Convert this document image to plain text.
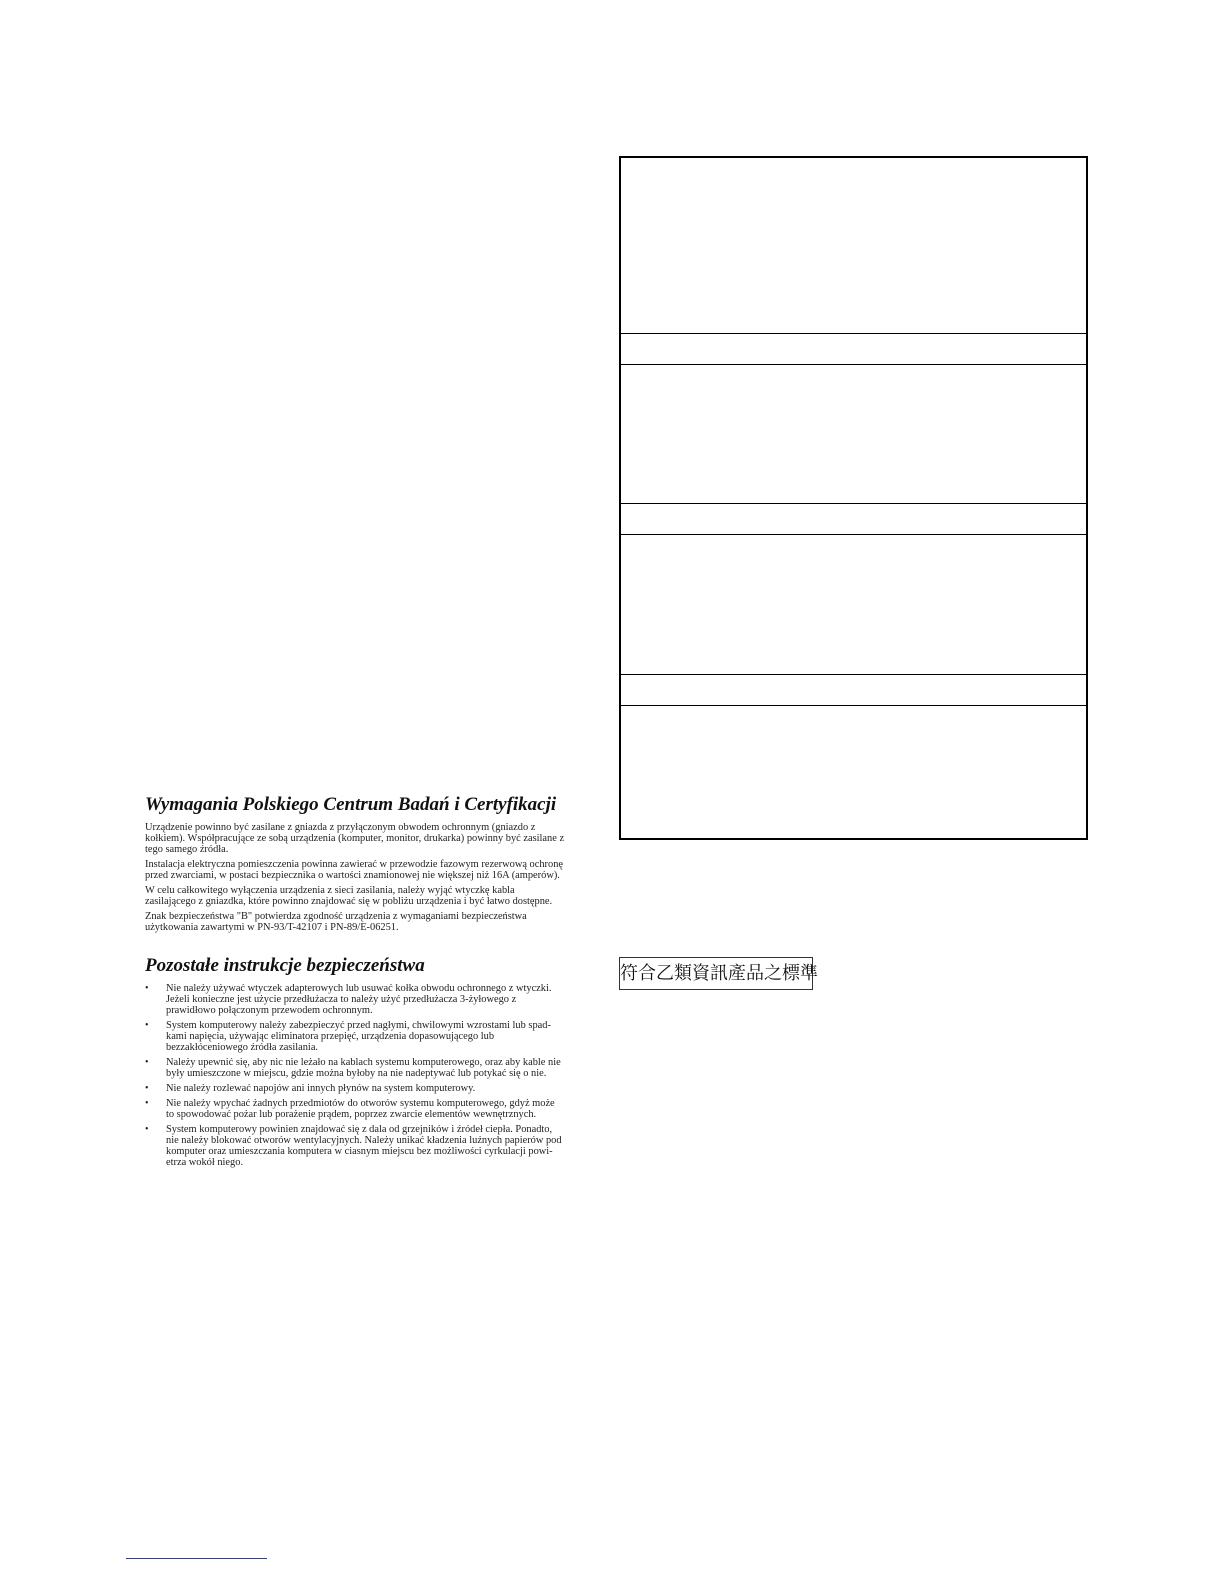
符合乙類資訊產品之標準
Wymagania Polskiego Centrum Badań i Certyfikacji

Urządzenie powinno być zasilane z gniazda z przyłączonym obwodem ochronnym (gniazdo z kołkiem). Współpracujące ze sobą urządzenia (komputer, monitor, drukarka) powinny być zasilane z tego samego źródła.

Instalacja elektryczna pomieszczenia powinna zawierać w przewodzie fazowym rezerwową ochronę przed zwarciami, w postaci bezpiecznika o wartości znamionowej nie większej niż 16A (amperów).

W celu całkowitego wyłączenia urządzenia z sieci zasilania, należy wyjąć wtyczkę kabla zasilającego z gniazdka, które powinno znajdować się w pobliżu urządzenia i być łatwo dostępne.

Znak bezpieczeństwa "B" potwierdza zgodność urządzenia z wymaganiami bezpieczeństwa użytkowania zawartymi w PN-93/T-42107 i PN-89/E-06251.

Pozostałe instrukcje bezpieczeństwa
• Nie należy używać wtyczek adapterowych lub usuwać kołka obwodu ochronnego z wtyczki. Jeżeli konieczne jest użycie przedłużacza to należy użyć przedłużacza 3-żyłowego z prawidłowo połączonym przewodem ochronnym.
• System komputerowy należy zabezpieczyć przed nagłymi, chwilowymi wzrostami lub spad-kami napięcia, używając eliminatora przepięć, urządzenia dopasowującego lub bezzakłóceniowego źródła zasilania.
• Należy upewnić się, aby nic nie leżało na kablach systemu komputerowego, oraz aby kable nie były umieszczone w miejscu, gdzie można byłoby na nie nadeptywać lub potykać się o nie.
• Nie należy rozlewać napojów ani innych płynów na system komputerowy.
• Nie należy wpychać żadnych przedmiotów do otworów systemu komputerowego, gdyż może to spowodować pożar lub porażenie prądem, poprzez zwarcie elementów wewnętrznych.
• System komputerowy powinien znajdować się z dala od grzejników i źródeł ciepła. Ponadto, nie należy blokować otworów wentylacyjnych. Należy unikać kładzenia luźnych papierów pod komputer oraz umieszczania komputera w ciasnym miejscu bez możliwości cyrkulacji powi-etrza wokół niego.
